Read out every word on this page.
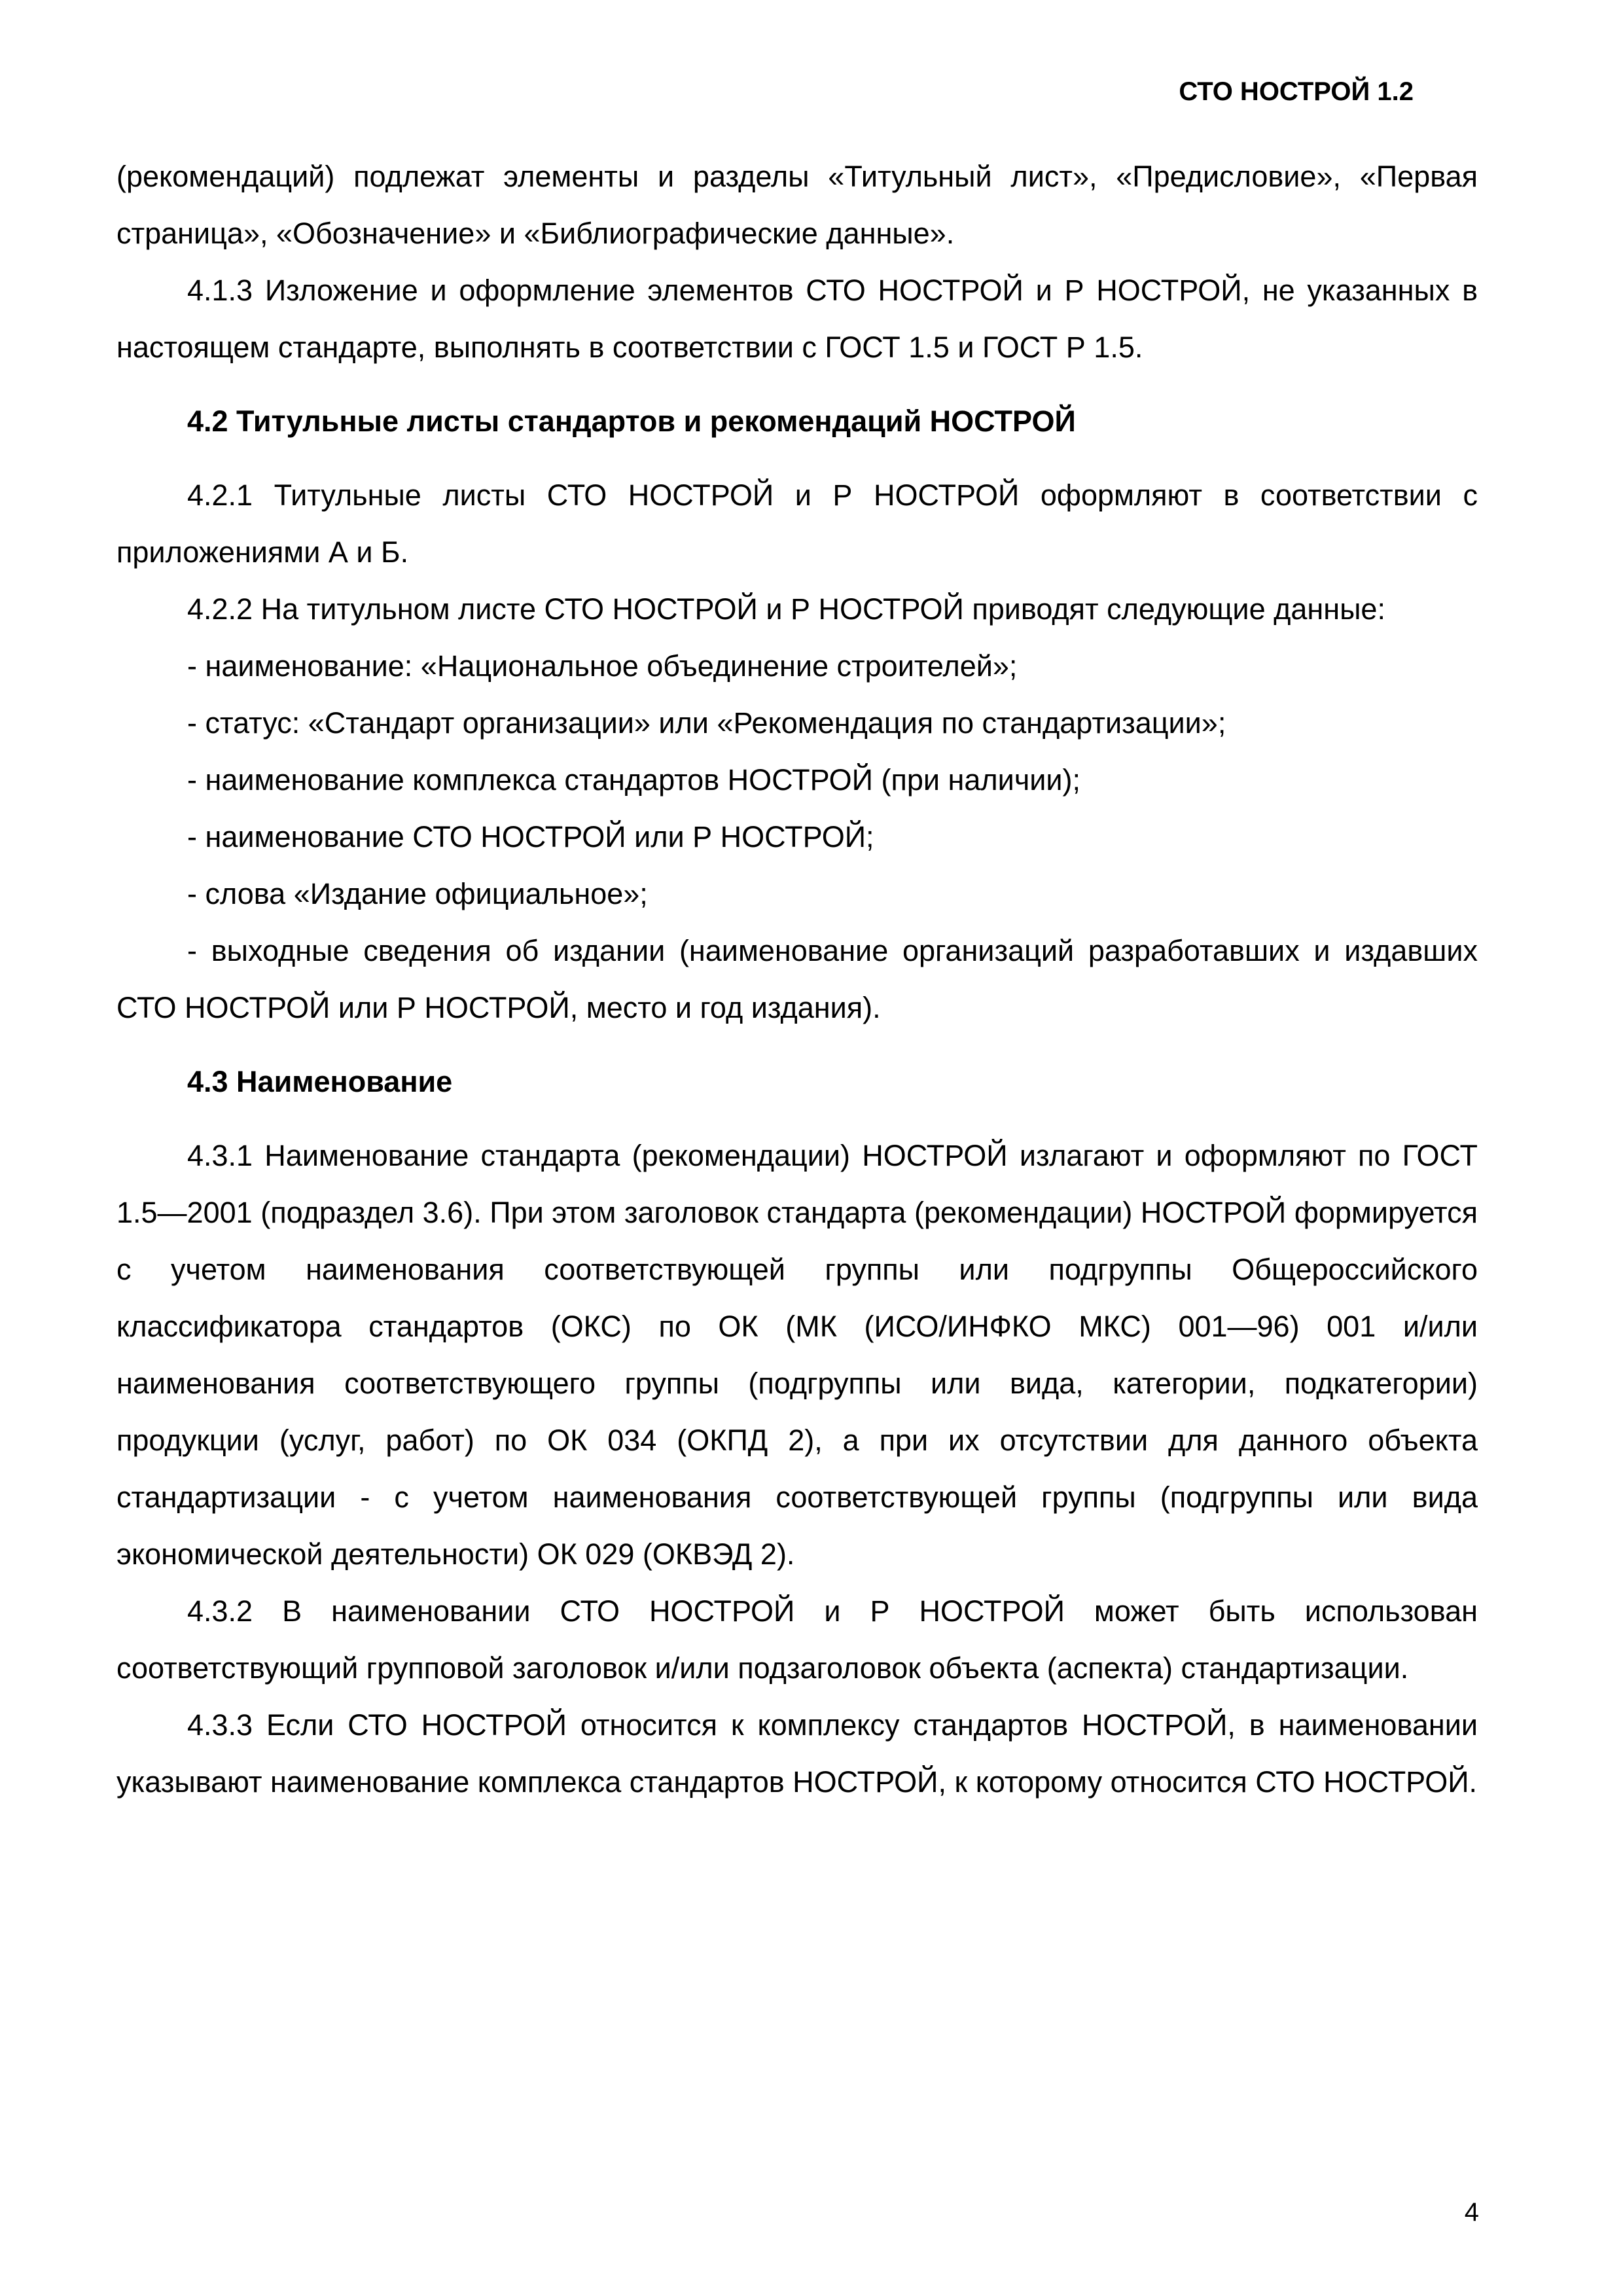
СТО НОСТРОЙ 1.2

(рекомендаций) подлежат элементы и разделы «Титульный лист», «Предисловие», «Первая страница», «Обозначение» и «Библиографические данные».

4.1.3 Изложение и оформление элементов СТО НОСТРОЙ и Р НОСТРОЙ, не указанных в настоящем стандарте, выполнять в соответствии с ГОСТ 1.5 и ГОСТ Р 1.5.

4.2 Титульные листы стандартов и рекомендаций НОСТРОЙ

4.2.1 Титульные листы СТО НОСТРОЙ и Р НОСТРОЙ оформляют в соответствии с приложениями А и Б.

4.2.2 На титульном листе СТО НОСТРОЙ и Р НОСТРОЙ приводят следующие данные:

- наименование: «Национальное объединение строителей»;

- статус: «Стандарт организации» или «Рекомендация по стандартизации»;

- наименование комплекса стандартов НОСТРОЙ (при наличии);

- наименование СТО НОСТРОЙ или Р НОСТРОЙ;

- слова «Издание официальное»;

- выходные сведения об издании (наименование организаций разработавших и издавших СТО НОСТРОЙ или Р НОСТРОЙ, место и год издания).

4.3 Наименование

4.3.1 Наименование стандарта (рекомендации) НОСТРОЙ излагают и оформляют по ГОСТ 1.5—2001 (подраздел 3.6). При этом заголовок стандарта (рекомендации) НОСТРОЙ формируется с учетом наименования соответствующей группы или подгруппы Общероссийского классификатора стандартов (ОКС) по ОК (МК (ИСО/ИНФКО МКС) 001—96) 001 и/или наименования соответствующего группы (подгруппы или вида, категории, подкатегории) продукции (услуг, работ) по ОК 034 (ОКПД 2), а при их отсутствии для данного объекта стандартизации - с учетом наименования соответствующей группы (подгруппы или вида экономической деятельности) ОК 029 (ОКВЭД 2).

4.3.2 В наименовании СТО НОСТРОЙ и Р НОСТРОЙ может быть использован соответствующий групповой заголовок и/или подзаголовок объекта (аспекта) стандартизации.

4.3.3 Если СТО НОСТРОЙ относится к комплексу стандартов НОСТРОЙ, в наименовании указывают наименование комплекса стандартов НОСТРОЙ, к которому относится СТО НОСТРОЙ.

4
